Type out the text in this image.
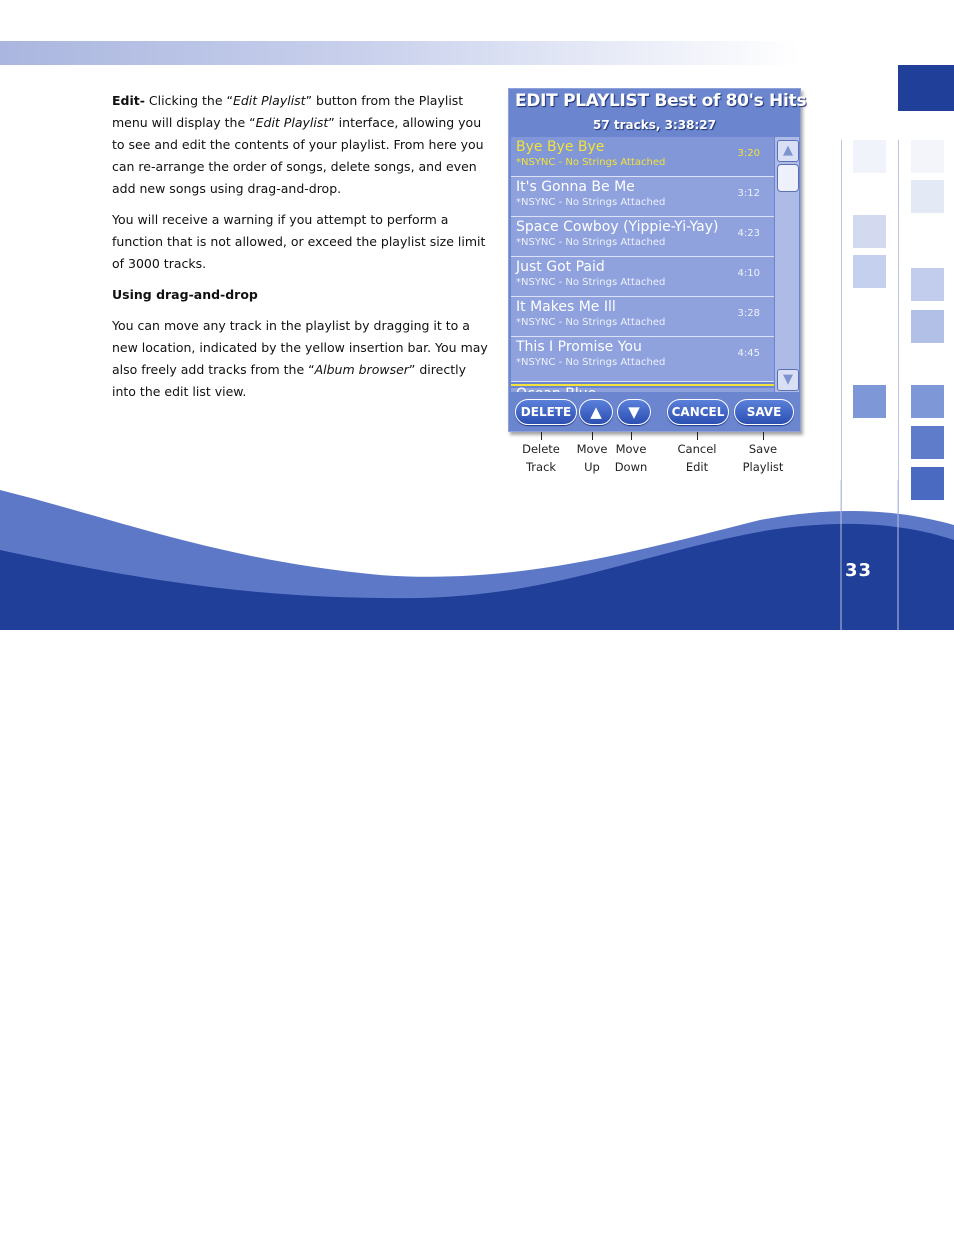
33

Edit- Clicking the “Edit Playlist” button from the Playlist menu will display the “Edit Playlist” interface, allowing you to see and edit the contents of your playlist. From here you can re-arrange the order of songs, delete songs, and even add new songs using drag-and-drop.

You will receive a warning if you attempt to perform a function that is not allowed, or exceed the playlist size limit of 3000 tracks.

Using drag-and-drop

You can move any track in the playlist by dragging it to a new location, indicated by the yellow insertion bar. You may also freely add tracks from the “Album browser” directly into the edit list view.

EDIT PLAYLIST Best of 80's Hits
57 tracks, 3:38:27
Bye Bye Bye
*NSYNC - No Strings Attached
3:20
It's Gonna Be Me
*NSYNC - No Strings Attached
3:12
Space Cowboy (Yippie-Yi-Yay)
*NSYNC - No Strings Attached
4:23
Just Got Paid
*NSYNC - No Strings Attached
4:10
It Makes Me Ill
*NSYNC - No Strings Attached
3:28
This I Promise You
*NSYNC - No Strings Attached
4:45
▲
▼
DELETE	▲	▼	CANCEL	SAVE
Delete
Track
Move
Up
Move
Down
Cancel
Edit
Save
Playlist
